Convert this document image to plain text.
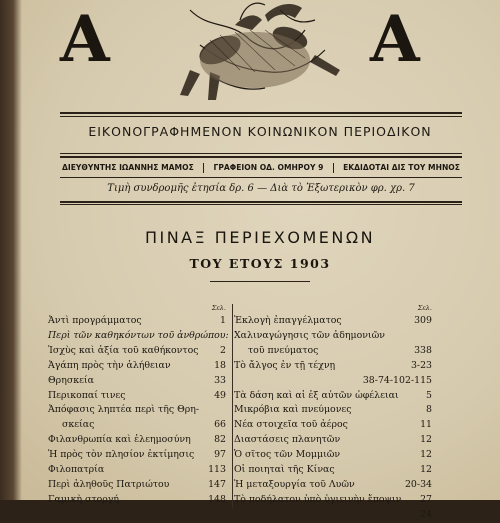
Α	Α
ΕΙΚΟΝΟΓΡΑΦΗΜΕΝΟΝ ΚΟΙΝΩΝΙΚΟΝ ΠΕΡΙΟΔΙΚΟΝ
ΔΙΕΥΘΥΝΤΗΣ ΙΩΑΝΝΗΣ ΜΑΜΟΣ	ΓΡΑΦΕΙΟΝ ΟΔ. ΟΜΗΡΟΥ 9	ΕΚΔΙΔΟΤΑΙ ΔΙΣ ΤΟΥ ΜΗΝΟΣ
Τιμὴ συνδρομῆς ἐτησία δρ. 6 — Διὰ τὸ Ἐξωτερικὸν φρ. χρ. 7
ΠΙΝΑΞ ΠΕΡΙΕΧΟΜΕΝΩΝ
ΤΟΥ ΕΤΟΥΣ 1903
Σελ.
Ἀντὶ προγράμματος	1
Περὶ τῶν καθηκόντων τοῦ ἀνθρώπου:
Ἰσχὺς καὶ ἀξία τοῦ καθήκοντος	2
Ἀγάπη πρὸς τὴν ἀλήθειαν	18
Θρησκεία	33
Περικοπαί τινες	49
Ἀπόφασις ληπτέα περὶ τῆς Θρη-
σκείας	66
Φιλανθρωπία καὶ ἐλεημοσύνη	82
Ἡ πρὸς τὸν πλησίον ἐκτίμησις	97
Φιλοπατρία	113
Περὶ ἀληθοῦς Πατριώτου	147
Γαμικὴ στοργή	148
Σελ.
Ἐκλογὴ ἐπαγγέλματος	309
Χαλιναγώγησις τῶν ἀδημονιῶν
τοῦ πνεύματος	338
Τὸ ἄλγος ἐν τῇ τέχνῃ	3-23
38-74-102-115
Τὰ δάση καὶ αἱ ἐξ αὐτῶν ὠφέλειαι	5
Μικρόβια καὶ πνεύμονες	8
Νέα στοιχεῖα τοῦ ἀέρος	11
Διαστάσεις πλανητῶν	12
Ὁ σῖτος τῶν Μομμιῶν	12
Οἱ ποιηταὶ τῆς Κίνας	12
Ἡ μεταξουργία τοῦ Λυῶν	20-34
Τὸ ποδήλατον ὑπὸ ὑγιεινὴν ἔποψιν	27
24
